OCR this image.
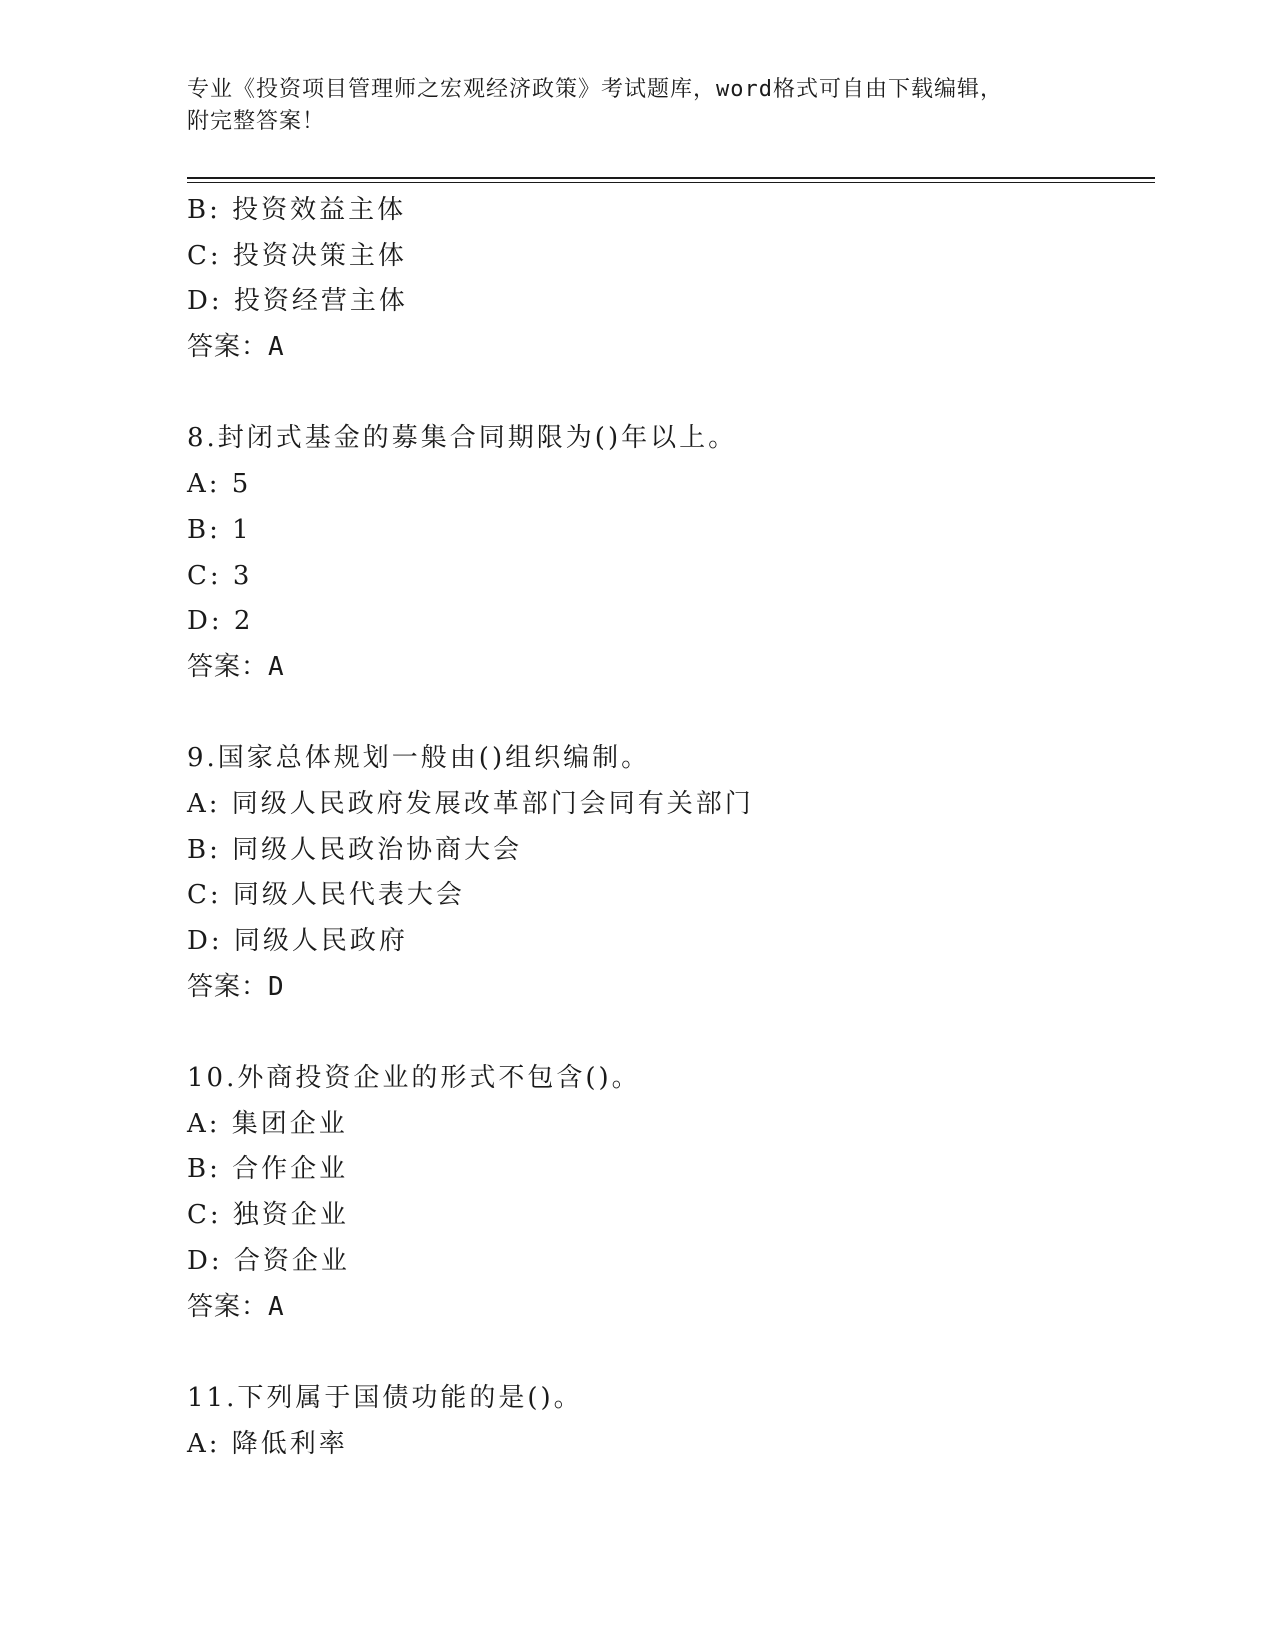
专业《投资项目管理师之宏观经济政策》考试题库，word格式可自由下载编辑，
附完整答案！
B: 投资效益主体
C: 投资决策主体
D: 投资经营主体
答案：A
8.封闭式基金的募集合同期限为()年以上。
A: 5
B: 1
C: 3
D: 2
答案：A
9.国家总体规划一般由()组织编制。
A: 同级人民政府发展改革部门会同有关部门
B: 同级人民政治协商大会
C: 同级人民代表大会
D: 同级人民政府
答案：D
10.外商投资企业的形式不包含()。
A: 集团企业
B: 合作企业
C: 独资企业
D: 合资企业
答案：A
11.下列属于国债功能的是()。
A: 降低利率
